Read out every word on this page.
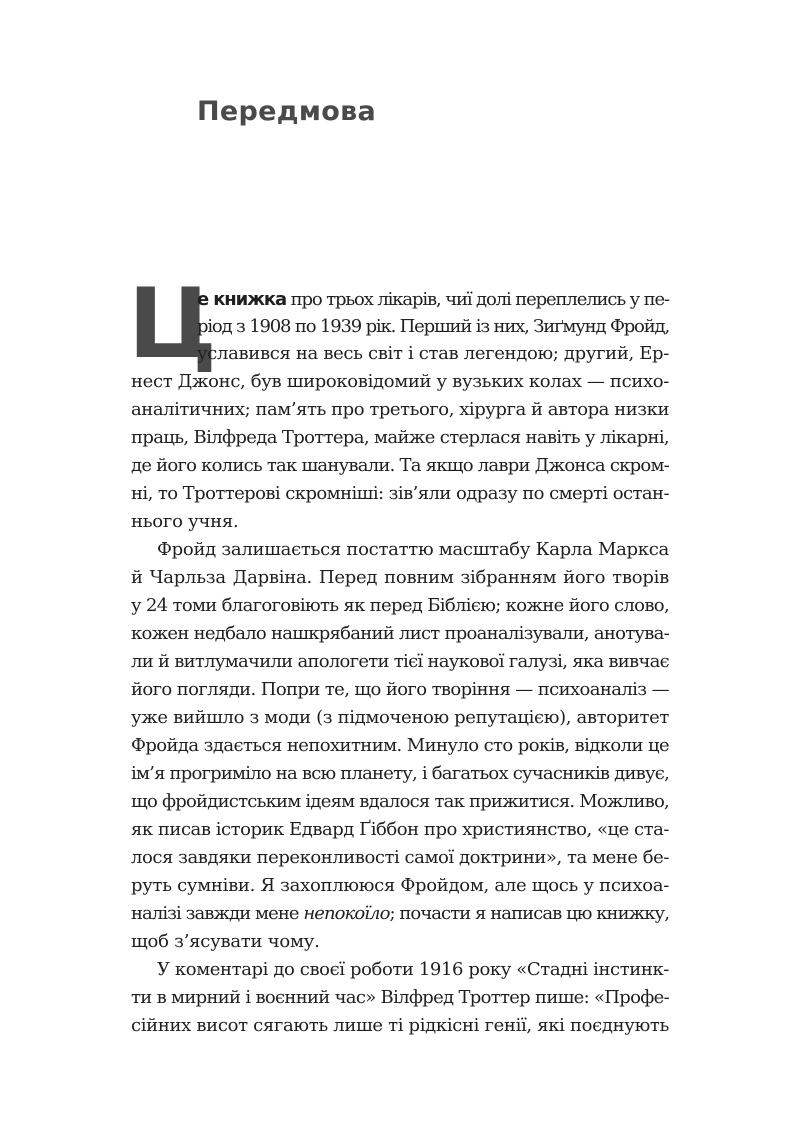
Передмова
Ц
е книжка про трьох лікарів, чиї долі переплелись у пе-
ріод з 1908 по 1939 рік. Перший із них, Зиґмунд Фройд,
уславився на весь світ і став легендою; другий, Ер-
нест Джонс, був широковідомий у вузьких колах — психо-
аналітичних; пам’ять про третього, хірурга й автора низки
праць, Вілфреда Троттера, майже стерлася навіть у лікарні,
де його колись так шанували. Та якщо лаври Джонса скром-
ні, то Троттерові скромніші: зів’яли одразу по смерті остан-
нього учня.
Фройд залишається постаттю масштабу Карла Маркса
й Чарльза Дарвіна. Перед повним зібранням його творів
у 24 томи благоговіють як перед Біблією; кожне його слово,
кожен недбало нашкрябаний лист проаналізували, анотува-
ли й витлумачили апологети тієї наукової галузі, яка вивчає
його погляди. Попри те, що його творіння — психоаналіз —
уже вийшло з моди (з підмоченою репутацією), авторитет
Фройда здається непохитним. Минуло сто років, відколи це
ім’я прогриміло на всю планету, і багатьох сучасників дивує,
що фройдистським ідеям вдалося так прижитися. Можливо,
як писав історик Едвард Ґіббон про християнство, «це ста-
лося завдяки переконливості самої доктрини», та мене бе-
руть сумніви. Я захоплююся Фройдом, але щось у психоа-
налізі завжди мене непокоїло; почасти я написав цю книжку,
щоб з’ясувати чому.
У коментарі до своєї роботи 1916 року «Стадні інстинк-
ти в мирний і воєнний час» Вілфред Троттер пише: «Профе-
сійних висот сягають лише ті рідкісні генії, які поєднують
